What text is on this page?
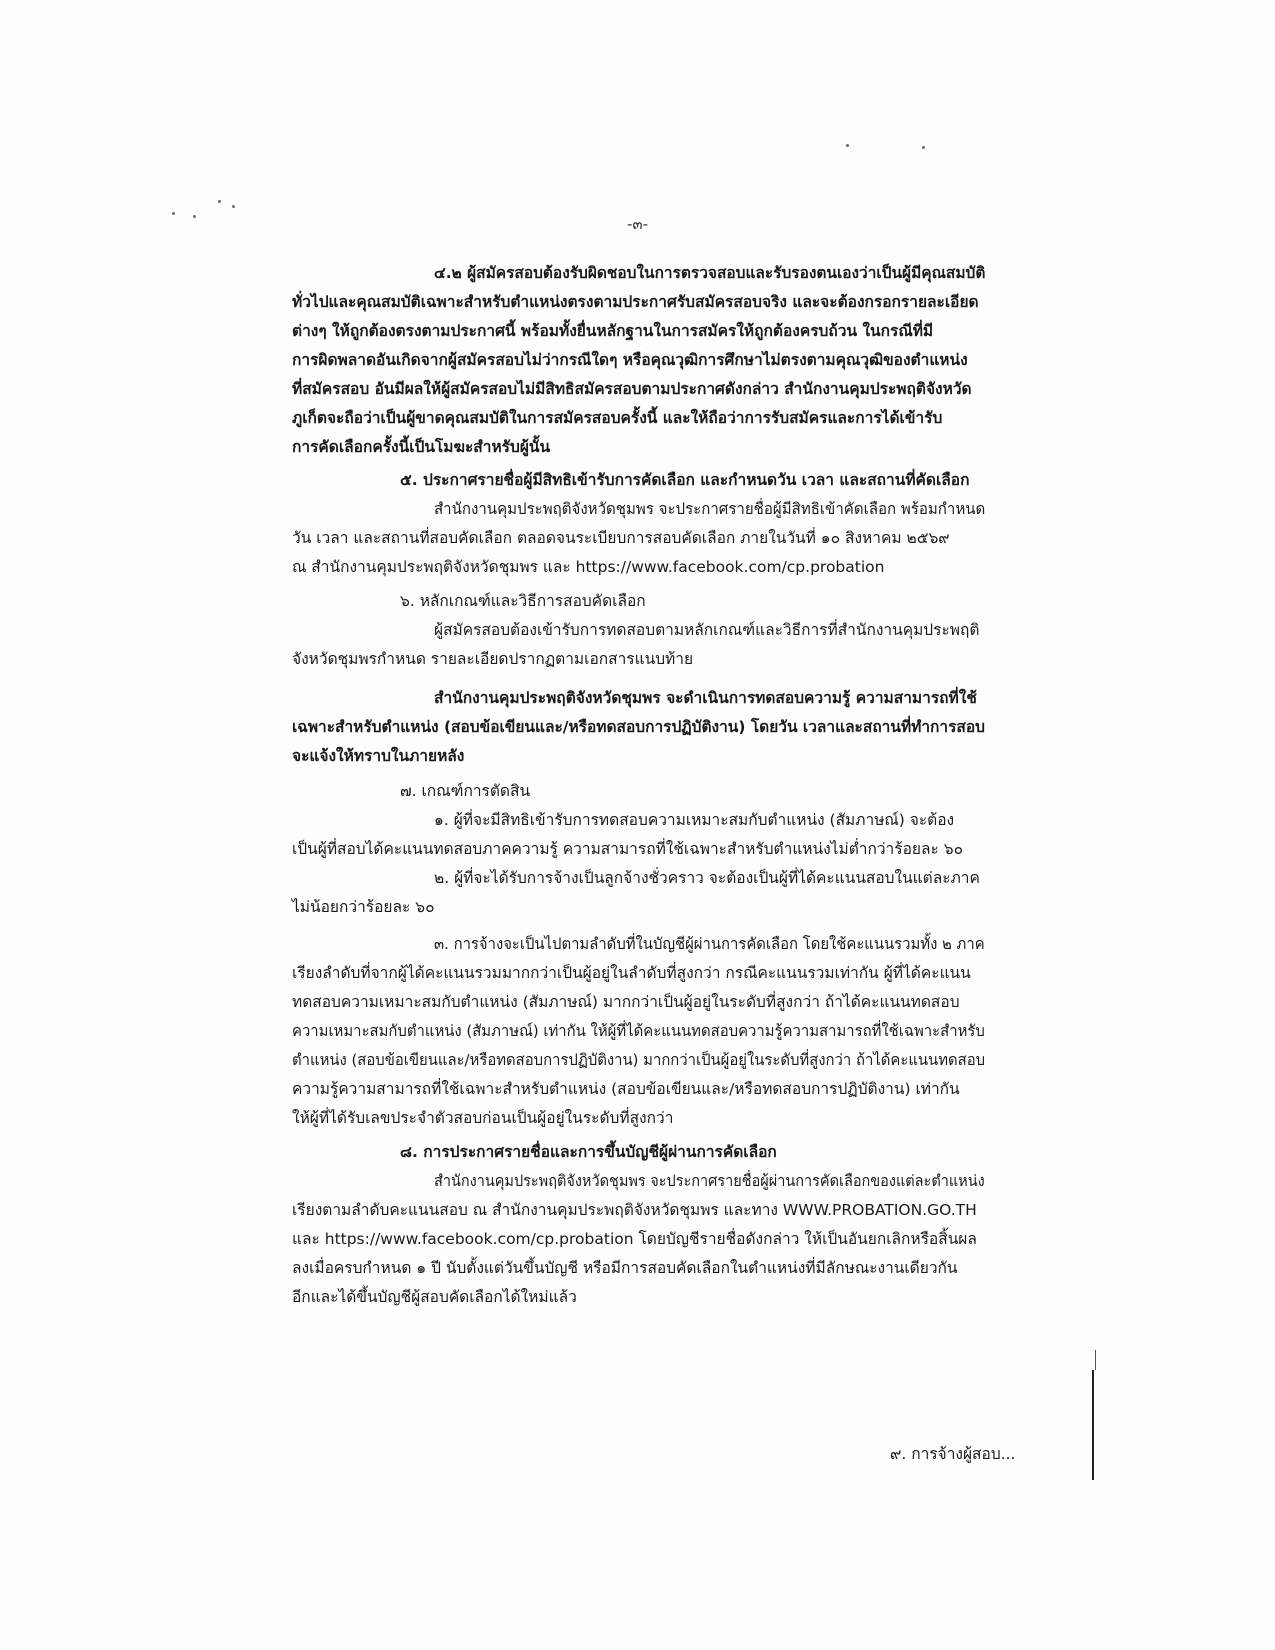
-๓-
๔.๒ ผู้สมัครสอบต้องรับผิดชอบในการตรวจสอบและรับรองตนเองว่าเป็นผู้มีคุณสมบัติ
ทั่วไปและคุณสมบัติเฉพาะสำหรับตำแหน่งตรงตามประกาศรับสมัครสอบจริง และจะต้องกรอกรายละเอียด
ต่างๆ ให้ถูกต้องตรงตามประกาศนี้ พร้อมทั้งยื่นหลักฐานในการสมัครให้ถูกต้องครบถ้วน ในกรณีที่มี
การผิดพลาดอันเกิดจากผู้สมัครสอบไม่ว่ากรณีใดๆ หรือคุณวุฒิการศึกษาไม่ตรงตามคุณวุฒิของตำแหน่ง
ที่สมัครสอบ อันมีผลให้ผู้สมัครสอบไม่มีสิทธิสมัครสอบตามประกาศดังกล่าว สำนักงานคุมประพฤติจังหวัด
ภูเก็ตจะถือว่าเป็นผู้ขาดคุณสมบัติในการสมัครสอบครั้งนี้ และให้ถือว่าการรับสมัครและการได้เข้ารับ
การคัดเลือกครั้งนี้เป็นโมฆะสำหรับผู้นั้น
๕. ประกาศรายชื่อผู้มีสิทธิเข้ารับการคัดเลือก และกำหนดวัน เวลา และสถานที่คัดเลือก
สำนักงานคุมประพฤติจังหวัดชุมพร จะประกาศรายชื่อผู้มีสิทธิเข้าคัดเลือก พร้อมกำหนด
วัน เวลา และสถานที่สอบคัดเลือก ตลอดจนระเบียบการสอบคัดเลือก ภายในวันที่ ๑๐ สิงหาคม ๒๕๖๙
ณ สำนักงานคุมประพฤติจังหวัดชุมพร และ https://www.facebook.com/cp.probation
๖. หลักเกณฑ์และวิธีการสอบคัดเลือก
ผู้สมัครสอบต้องเข้ารับการทดสอบตามหลักเกณฑ์และวิธีการที่สำนักงานคุมประพฤติ
จังหวัดชุมพรกำหนด รายละเอียดปรากฏตามเอกสารแนบท้าย
สำนักงานคุมประพฤติจังหวัดชุมพร จะดำเนินการทดสอบความรู้ ความสามารถที่ใช้
เฉพาะสำหรับตำแหน่ง (สอบข้อเขียนและ/หรือทดสอบการปฏิบัติงาน) โดยวัน เวลาและสถานที่ทำการสอบ
จะแจ้งให้ทราบในภายหลัง
๗. เกณฑ์การตัดสิน
๑. ผู้ที่จะมีสิทธิเข้ารับการทดสอบความเหมาะสมกับตำแหน่ง (สัมภาษณ์) จะต้อง
เป็นผู้ที่สอบได้คะแนนทดสอบภาคความรู้ ความสามารถที่ใช้เฉพาะสำหรับตำแหน่งไม่ต่ำกว่าร้อยละ ๖๐
๒. ผู้ที่จะได้รับการจ้างเป็นลูกจ้างชั่วคราว จะต้องเป็นผู้ที่ได้คะแนนสอบในแต่ละภาค
ไม่น้อยกว่าร้อยละ ๖๐
๓. การจ้างจะเป็นไปตามลำดับที่ในบัญชีผู้ผ่านการคัดเลือก โดยใช้คะแนนรวมทั้ง ๒ ภาค
เรียงลำดับที่จากผู้ได้คะแนนรวมมากกว่าเป็นผู้อยู่ในลำดับที่สูงกว่า กรณีคะแนนรวมเท่ากัน ผู้ที่ได้คะแนน
ทดสอบความเหมาะสมกับตำแหน่ง (สัมภาษณ์) มากกว่าเป็นผู้อยู่ในระดับที่สูงกว่า ถ้าได้คะแนนทดสอบ
ความเหมาะสมกับตำแหน่ง (สัมภาษณ์) เท่ากัน ให้ผู้ที่ได้คะแนนทดสอบความรู้ความสามารถที่ใช้เฉพาะสำหรับ
ตำแหน่ง (สอบข้อเขียนและ/หรือทดสอบการปฏิบัติงาน) มากกว่าเป็นผู้อยู่ในระดับที่สูงกว่า ถ้าได้คะแนนทดสอบ
ความรู้ความสามารถที่ใช้เฉพาะสำหรับตำแหน่ง (สอบข้อเขียนและ/หรือทดสอบการปฏิบัติงาน) เท่ากัน
ให้ผู้ที่ได้รับเลขประจำตัวสอบก่อนเป็นผู้อยู่ในระดับที่สูงกว่า
๘. การประกาศรายชื่อและการขึ้นบัญชีผู้ผ่านการคัดเลือก
สำนักงานคุมประพฤติจังหวัดชุมพร จะประกาศรายชื่อผู้ผ่านการคัดเลือกของแต่ละตำแหน่ง
เรียงตามลำดับคะแนนสอบ ณ สำนักงานคุมประพฤติจังหวัดชุมพร และทาง WWW.PROBATION.GO.TH
และ https://www.facebook.com/cp.probation โดยบัญชีรายชื่อดังกล่าว ให้เป็นอันยกเลิกหรือสิ้นผล
ลงเมื่อครบกำหนด ๑ ปี นับตั้งแต่วันขึ้นบัญชี หรือมีการสอบคัดเลือกในตำแหน่งที่มีลักษณะงานเดียวกัน
อีกและได้ขึ้นบัญชีผู้สอบคัดเลือกได้ใหม่แล้ว
๙. การจ้างผู้สอบ...
